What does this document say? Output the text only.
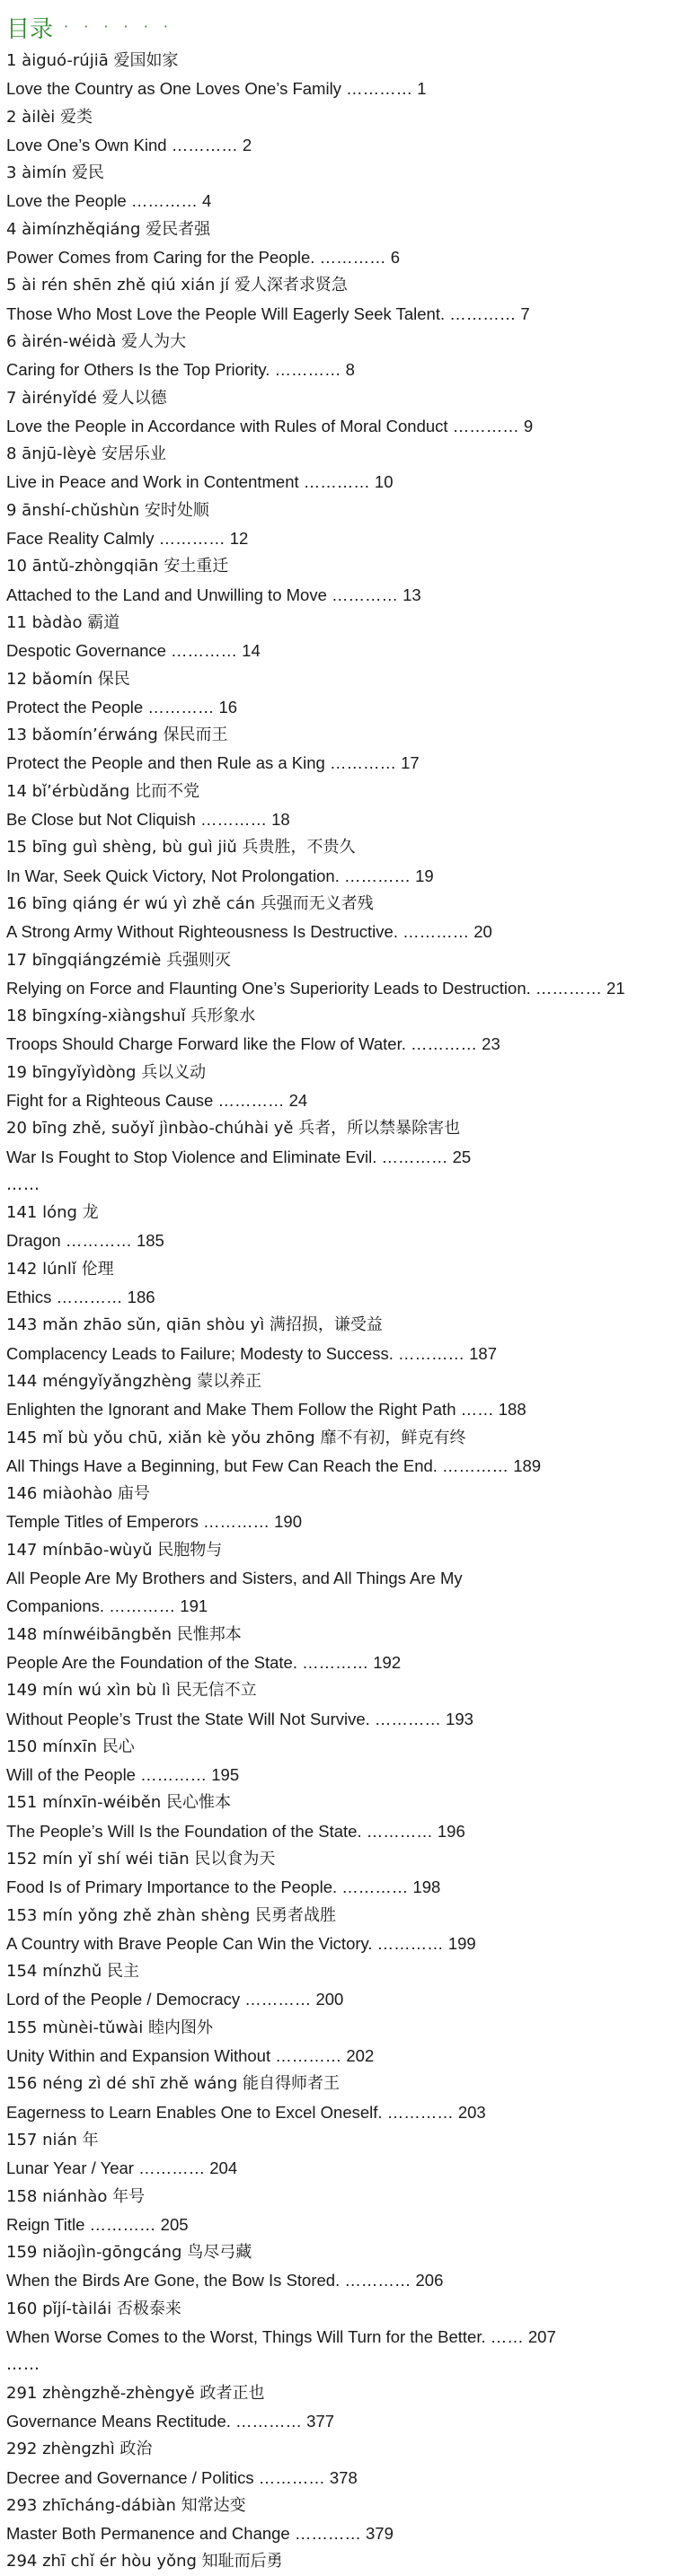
目录 · · · · · ·
1 àiguó-rújiā 爱国如家
Love the Country as One Loves One’s Family ………… 1
2 àilèi 爱类
Love One’s Own Kind ………… 2
3 àimín 爱民
Love the People ………… 4
4 àimínzhěqiáng 爱民者强
Power Comes from Caring for the People. ………… 6
5 ài rén shēn zhě qiú xián jí 爱人深者求贤急
Those Who Most Love the People Will Eagerly Seek Talent. ………… 7
6 àirén-wéidà 爱人为大
Caring for Others Is the Top Priority. ………… 8
7 àirényǐdé 爱人以德
Love the People in Accordance with Rules of Moral Conduct ………… 9
8 ānjū-lèyè 安居乐业
Live in Peace and Work in Contentment ………… 10
9 ānshí-chǔshùn 安时处顺
Face Reality Calmly ………… 12
10 āntǔ-zhòngqiān 安土重迁
Attached to the Land and Unwilling to Move ………… 13
11 bàdào 霸道
Despotic Governance ………… 14
12 bǎomín 保民
Protect the People ………… 16
13 bǎomín’érwáng 保民而王
Protect the People and then Rule as a King ………… 17
14 bǐ’érbùdǎng 比而不党
Be Close but Not Cliquish ………… 18
15 bīng guì shèng, bù guì jiǔ 兵贵胜，不贵久
In War, Seek Quick Victory, Not Prolongation. ………… 19
16 bīng qiáng ér wú yì zhě cán 兵强而无义者残
A Strong Army Without Righteousness Is Destructive. ………… 20
17 bīngqiángzémiè 兵强则灭
Relying on Force and Flaunting One’s Superiority Leads to Destruction. ………… 21
18 bīngxíng-xiàngshuǐ 兵形象水
Troops Should Charge Forward like the Flow of Water. ………… 23
19 bīngyǐyìdòng 兵以义动
Fight for a Righteous Cause ………… 24
20 bīng zhě, suǒyǐ jìnbào-chúhài yě 兵者，所以禁暴除害也
War Is Fought to Stop Violence and Eliminate Evil. ………… 25
……
141 lóng 龙
Dragon ………… 185
142 lúnlǐ 伦理
Ethics ………… 186
143 mǎn zhāo sǔn, qiān shòu yì 满招损，谦受益
Complacency Leads to Failure; Modesty to Success. ………… 187
144 méngyǐyǎngzhèng 蒙以养正
Enlighten the Ignorant and Make Them Follow the Right Path …… 188
145 mǐ bù yǒu chū, xiǎn kè yǒu zhōng 靡不有初，鲜克有终
All Things Have a Beginning, but Few Can Reach the End. ………… 189
146 miàohào 庙号
Temple Titles of Emperors ………… 190
147 mínbāo-wùyǔ 民胞物与
All People Are My Brothers and Sisters, and All Things Are My
Companions. ………… 191
148 mínwéibāngběn 民惟邦本
People Are the Foundation of the State. ………… 192
149 mín wú xìn bù lì 民无信不立
Without People’s Trust the State Will Not Survive. ………… 193
150 mínxīn 民心
Will of the People ………… 195
151 mínxīn-wéiběn 民心惟本
The People’s Will Is the Foundation of the State. ………… 196
152 mín yǐ shí wéi tiān 民以食为天
Food Is of Primary Importance to the People. ………… 198
153 mín yǒng zhě zhàn shèng 民勇者战胜
A Country with Brave People Can Win the Victory. ………… 199
154 mínzhǔ 民主
Lord of the People / Democracy ………… 200
155 mùnèi-tǔwài 睦内图外
Unity Within and Expansion Without ………… 202
156 néng zì dé shī zhě wáng 能自得师者王
Eagerness to Learn Enables One to Excel Oneself. ………… 203
157 nián 年
Lunar Year / Year ………… 204
158 niánhào 年号
Reign Title ………… 205
159 niǎojìn-gōngcáng 鸟尽弓藏
When the Birds Are Gone, the Bow Is Stored. ………… 206
160 pǐjí-tàilái 否极泰来
When Worse Comes to the Worst, Things Will Turn for the Better. …… 207
……
291 zhèngzhě-zhèngyě 政者正也
Governance Means Rectitude. ………… 377
292 zhèngzhì 政治
Decree and Governance / Politics ………… 378
293 zhīcháng-dábiàn 知常达变
Master Both Permanence and Change ………… 379
294 zhī chǐ ér hòu yǒng 知耻而后勇
